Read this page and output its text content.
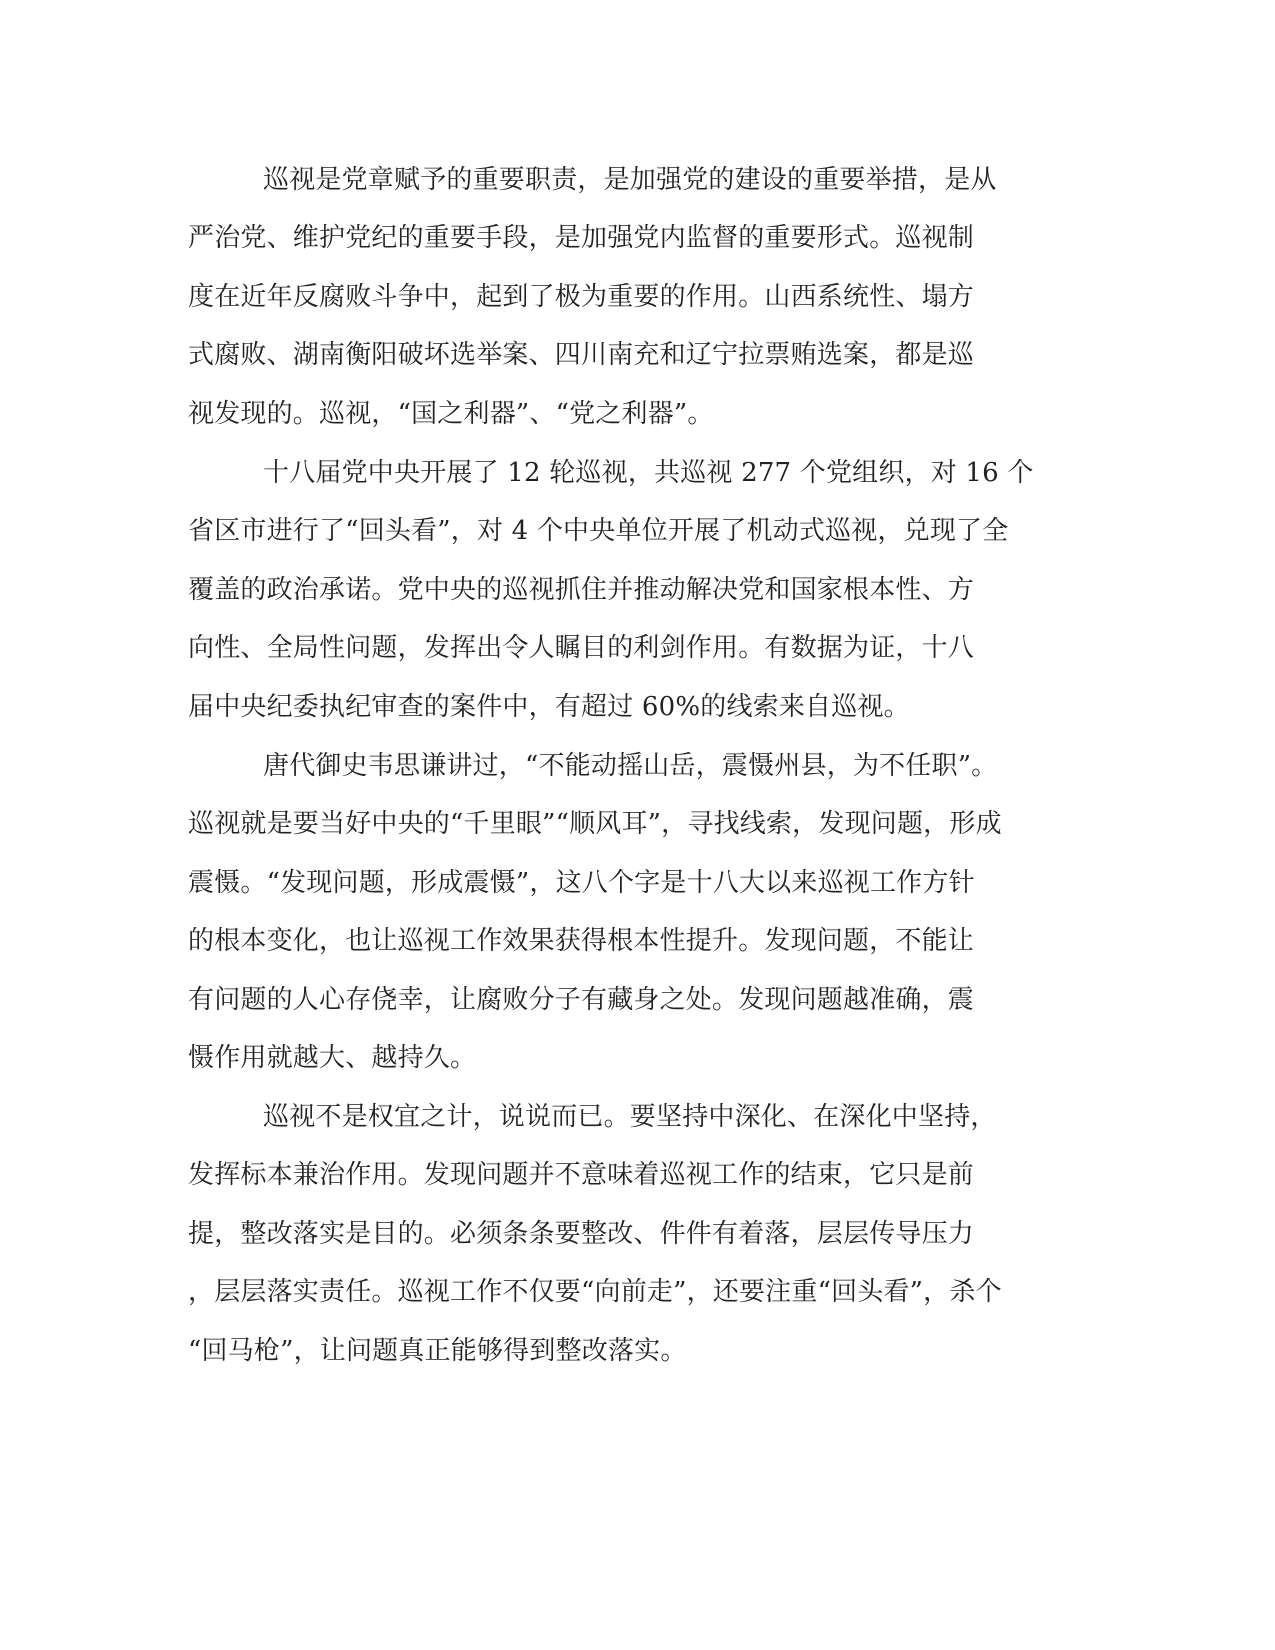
巡视是党章赋予的重要职责，是加强党的建设的重要举措，是从
严治党、维护党纪的重要手段，是加强党内监督的重要形式。巡视制
度在近年反腐败斗争中，起到了极为重要的作用。山西系统性、塌方
式腐败、湖南衡阳破坏选举案、四川南充和辽宁拉票贿选案，都是巡
视发现的。巡视，“国之利器”、“党之利器”。
十八届党中央开展了 12 轮巡视，共巡视 277 个党组织，对 16 个
省区市进行了“回头看”，对 4 个中央单位开展了机动式巡视，兑现了全
覆盖的政治承诺。党中央的巡视抓住并推动解决党和国家根本性、方
向性、全局性问题，发挥出令人瞩目的利剑作用。有数据为证，十八
届中央纪委执纪审查的案件中，有超过 60%的线索来自巡视。
唐代御史韦思谦讲过，“不能动摇山岳，震慑州县，为不任职”。
巡视就是要当好中央的“千里眼”“顺风耳”，寻找线索，发现问题，形成
震慑。“发现问题，形成震慑”，这八个字是十八大以来巡视工作方针
的根本变化，也让巡视工作效果获得根本性提升。发现问题，不能让
有问题的人心存侥幸，让腐败分子有藏身之处。发现问题越准确，震
慑作用就越大、越持久。
巡视不是权宜之计，说说而已。要坚持中深化、在深化中坚持，
发挥标本兼治作用。发现问题并不意味着巡视工作的结束，它只是前
提，整改落实是目的。必须条条要整改、件件有着落，层层传导压力
，层层落实责任。巡视工作不仅要“向前走”，还要注重“回头看”，杀个
“回马枪”，让问题真正能够得到整改落实。
